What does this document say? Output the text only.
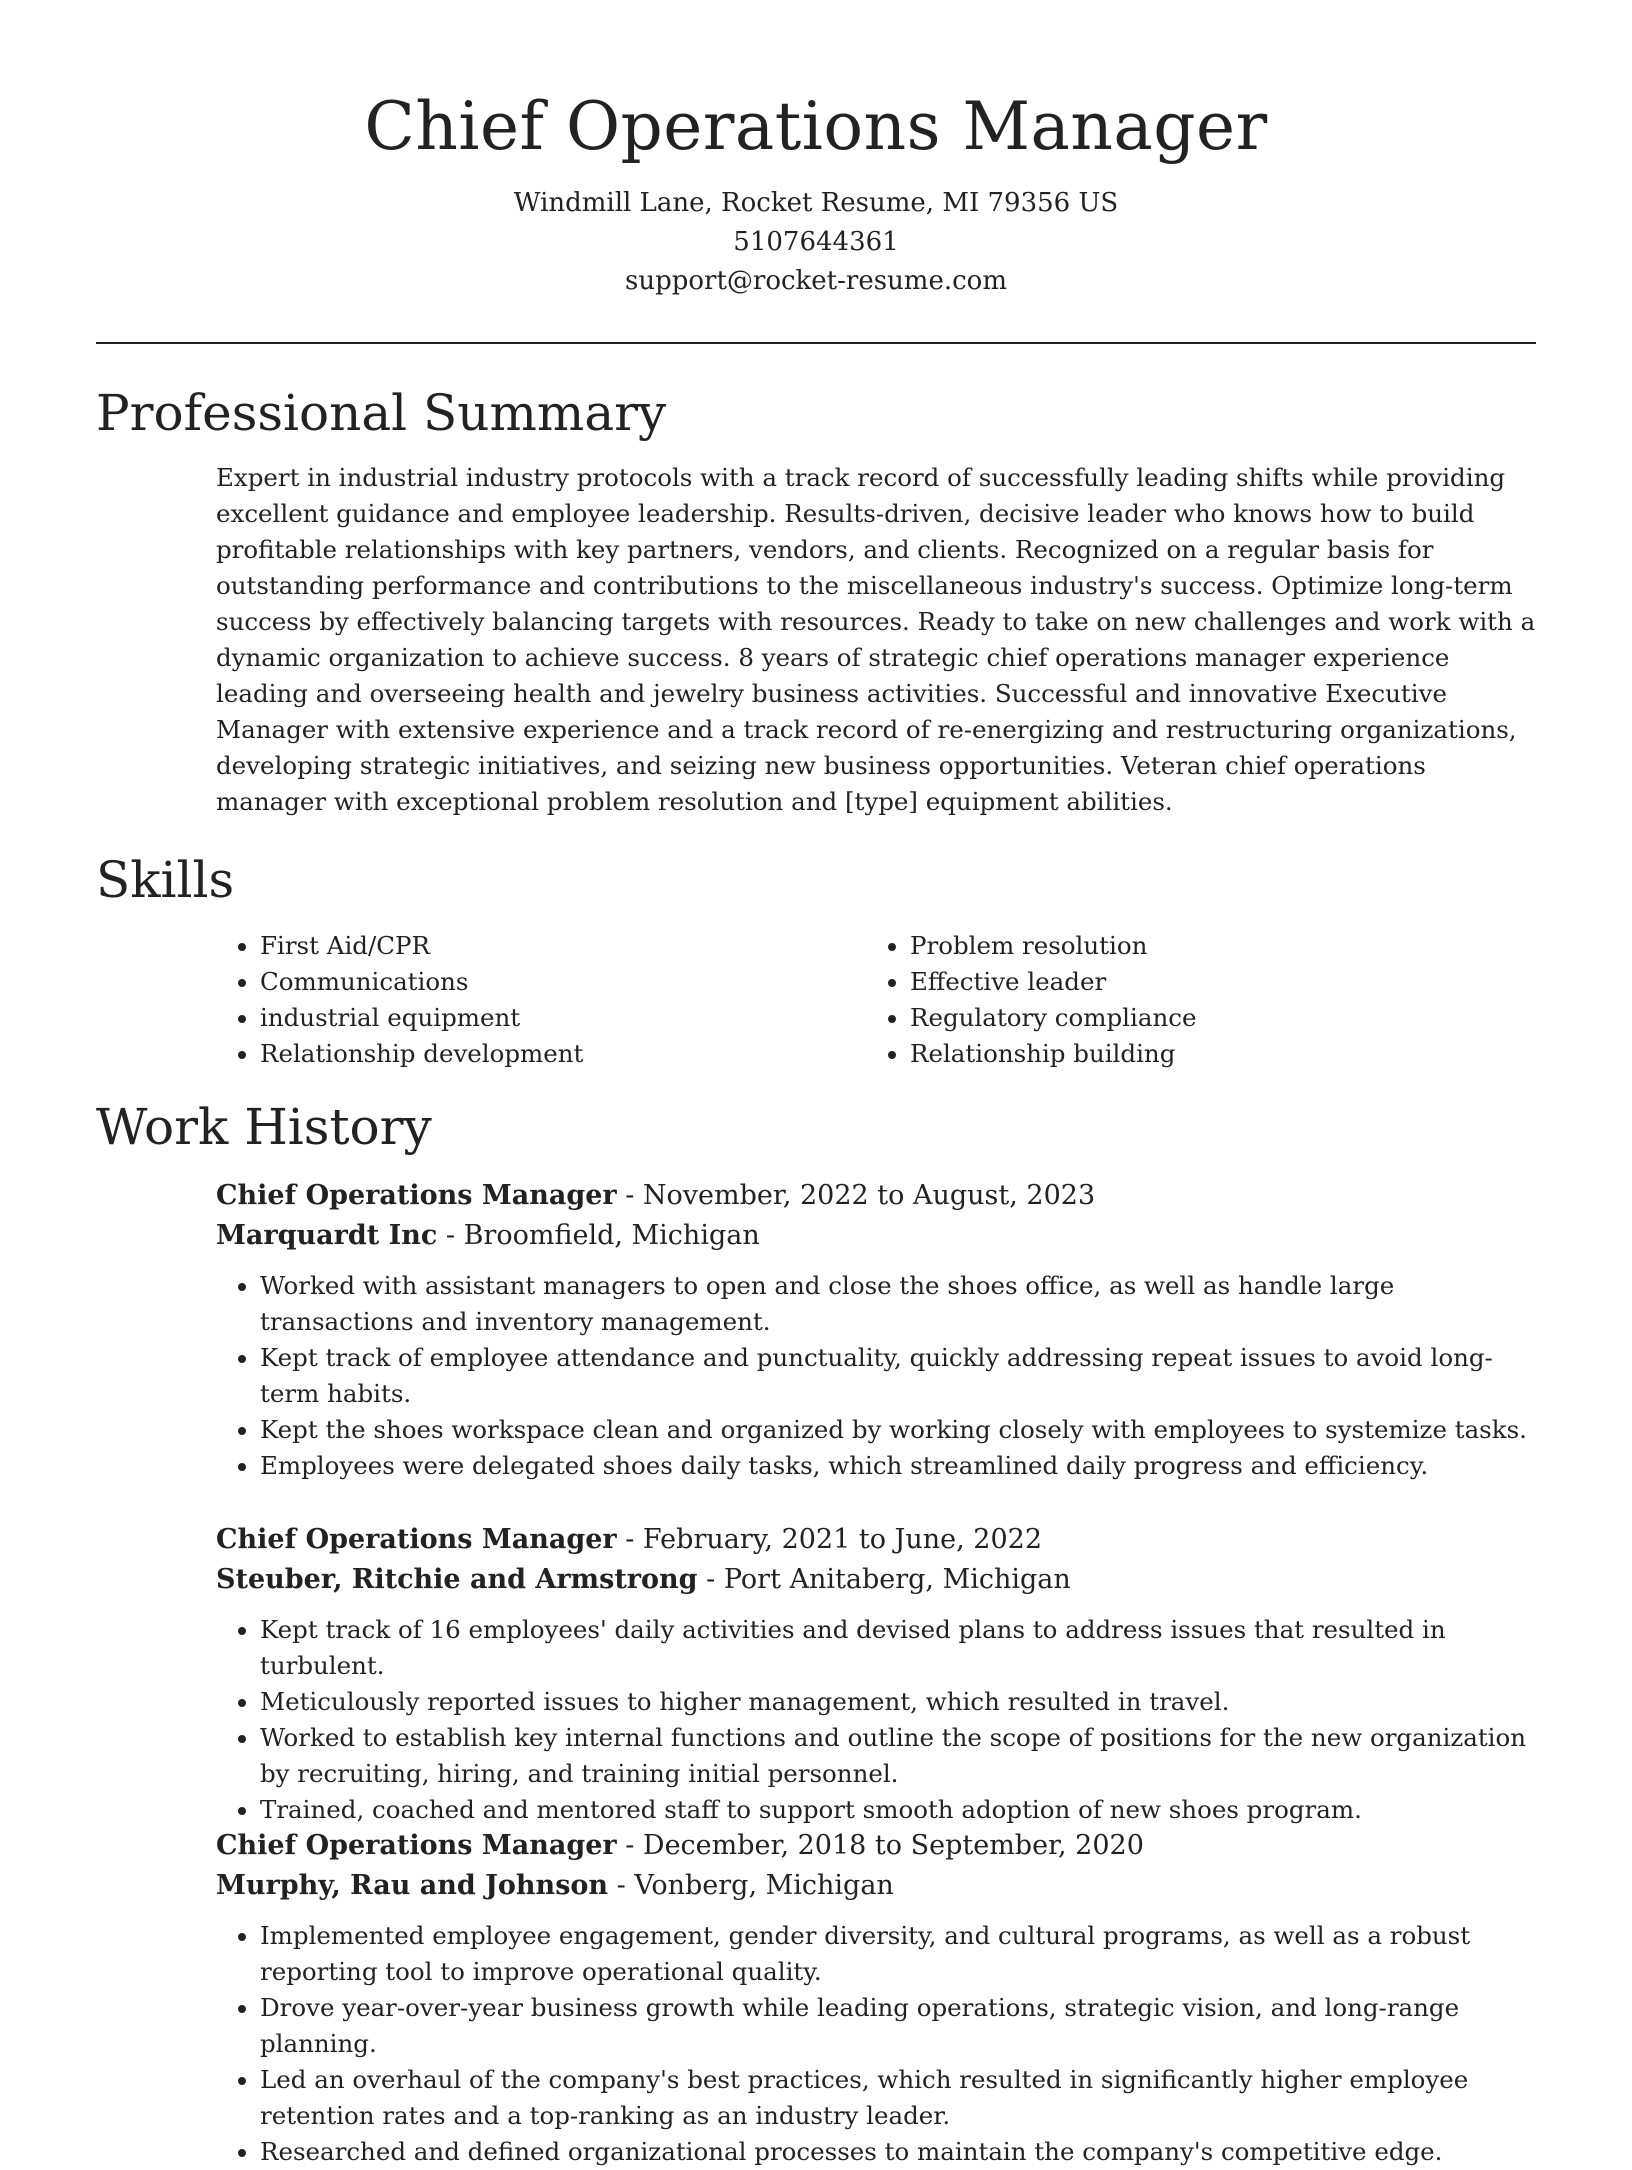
Chief Operations Manager

Windmill Lane, Rocket Resume, MI 79356 US

5107644361

support@rocket-resume.com

Professional Summary

Expert in industrial industry protocols with a track record of successfully leading shifts while providing excellent guidance and employee leadership. Results-driven, decisive leader who knows how to build profitable relationships with key partners, vendors, and clients. Recognized on a regular basis for outstanding performance and contributions to the miscellaneous industry's success. Optimize long-term success by effectively balancing targets with resources. Ready to take on new challenges and work with a dynamic organization to achieve success. 8 years of strategic chief operations manager experience leading and overseeing health and jewelry business activities. Successful and innovative Executive Manager with extensive experience and a track record of re-energizing and restructuring organizations, developing strategic initiatives, and seizing new business opportunities. Veteran chief operations manager with exceptional problem resolution and [type] equipment abilities.

Skills
• First Aid/CPR
• Communications
• industrial equipment
• Relationship development
• Problem resolution
• Effective leader
• Regulatory compliance
• Relationship building
Work History

Chief Operations Manager - November, 2022 to August, 2023

Marquardt Inc - Broomfield, Michigan

• Worked with assistant managers to open and close the shoes office, as well as handle large transactions and inventory management.
• Kept track of employee attendance and punctuality, quickly addressing repeat issues to avoid long-term habits.
• Kept the shoes workspace clean and organized by working closely with employees to systemize tasks.
• Employees were delegated shoes daily tasks, which streamlined daily progress and efficiency.

Chief Operations Manager - February, 2021 to June, 2022

Steuber, Ritchie and Armstrong - Port Anitaberg, Michigan

• Kept track of 16 employees' daily activities and devised plans to address issues that resulted in turbulent.
• Meticulously reported issues to higher management, which resulted in travel.
• Worked to establish key internal functions and outline the scope of positions for the new organization by recruiting, hiring, and training initial personnel.
• Trained, coached and mentored staff to support smooth adoption of new shoes program.

Chief Operations Manager - December, 2018 to September, 2020

Murphy, Rau and Johnson - Vonberg, Michigan

• Implemented employee engagement, gender diversity, and cultural programs, as well as a robust reporting tool to improve operational quality.
• Drove year-over-year business growth while leading operations, strategic vision, and long-range planning.
• Led an overhaul of the company's best practices, which resulted in significantly higher employee retention rates and a top-ranking as an industry leader.
• Researched and defined organizational processes to maintain the company's competitive edge.
